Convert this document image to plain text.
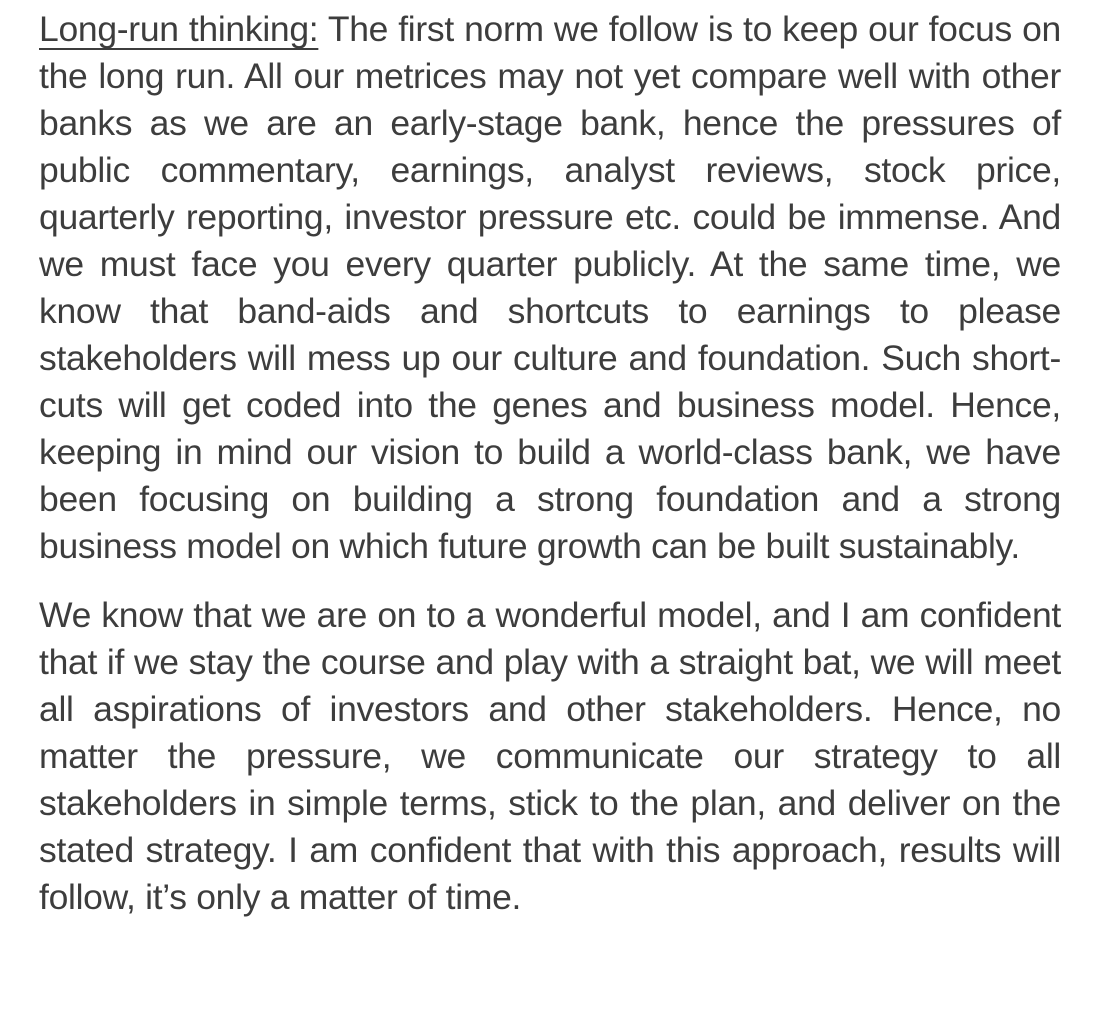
Long-run thinking: The first norm we follow is to keep our focus on the long run. All our metrices may not yet compare well with other banks as we are an early-stage bank, hence the pressures of public commentary, earnings, analyst reviews, stock price, quarterly reporting, investor pressure etc. could be immense. And we must face you every quarter publicly. At the same time, we know that band-aids and shortcuts to earnings to please stakeholders will mess up our culture and foundation. Such short-cuts will get coded into the genes and business model. Hence, keeping in mind our vision to build a world-class bank, we have been focusing on building a strong foundation and a strong business model on which future growth can be built sustainably.

We know that we are on to a wonderful model, and I am confident that if we stay the course and play with a straight bat, we will meet all aspirations of investors and other stakeholders. Hence, no matter the pressure, we communicate our strategy to all stakeholders in simple terms, stick to the plan, and deliver on the stated strategy. I am confident that with this approach, results will follow, it’s only a matter of time.
